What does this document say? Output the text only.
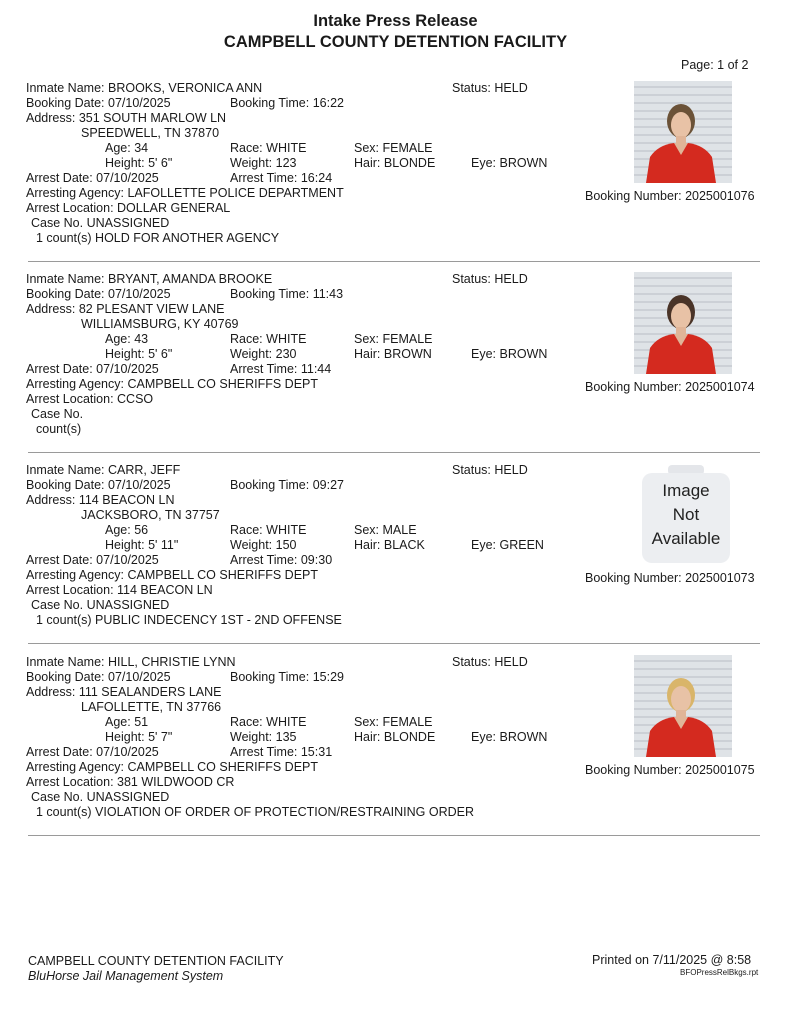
Intake Press Release
CAMPBELL COUNTY DETENTION FACILITY
Page: 1 of 2
Inmate Name: BROOKS, VERONICA ANN	Status: HELD
Booking Date: 07/10/2025	Booking Time: 16:22
Address: 351 SOUTH MARLOW LN
SPEEDWELL, TN 37870
Age: 34	Race: WHITE	Sex: FEMALE
Height: 5' 6"	Weight: 123	Hair: BLONDE	Eye: BROWN
Arrest Date: 07/10/2025	Arrest Time: 16:24
Arresting Agency: LAFOLLETTE POLICE DEPARTMENT
Arrest Location: DOLLAR GENERAL
Case No. UNASSIGNED
1 count(s) HOLD FOR ANOTHER AGENCY
Booking Number: 2025001076
Inmate Name: BRYANT, AMANDA BROOKE	Status: HELD
Booking Date: 07/10/2025	Booking Time: 11:43
Address: 82 PLESANT VIEW LANE
WILLIAMSBURG, KY 40769
Age: 43	Race: WHITE	Sex: FEMALE
Height: 5' 6"	Weight: 230	Hair: BROWN	Eye: BROWN
Arrest Date: 07/10/2025	Arrest Time: 11:44
Arresting Agency: CAMPBELL CO SHERIFFS DEPT
Arrest Location: CCSO
Case No.
count(s)
Booking Number: 2025001074
Inmate Name: CARR, JEFF	Status: HELD
Booking Date: 07/10/2025	Booking Time: 09:27
Address: 114 BEACON LN
JACKSBORO, TN 37757
Age: 56	Race: WHITE	Sex: MALE
Height: 5' 11"	Weight: 150	Hair: BLACK	Eye: GREEN
Arrest Date: 07/10/2025	Arrest Time: 09:30
Arresting Agency: CAMPBELL CO SHERIFFS DEPT
Arrest Location: 114 BEACON LN
Case No. UNASSIGNED
1 count(s) PUBLIC INDECENCY 1ST - 2ND OFFENSE
Booking Number: 2025001073
Image
Not
Available
Inmate Name: HILL, CHRISTIE LYNN	Status: HELD
Booking Date: 07/10/2025	Booking Time: 15:29
Address: 111 SEALANDERS LANE
LAFOLLETTE, TN 37766
Age: 51	Race: WHITE	Sex: FEMALE
Height: 5' 7"	Weight: 135	Hair: BLONDE	Eye: BROWN
Arrest Date: 07/10/2025	Arrest Time: 15:31
Arresting Agency: CAMPBELL CO SHERIFFS DEPT
Arrest Location: 381 WILDWOOD CR
Case No. UNASSIGNED
1 count(s) VIOLATION OF ORDER OF PROTECTION/RESTRAINING ORDER
Booking Number: 2025001075
CAMPBELL COUNTY DETENTION FACILITY
BluHorse Jail Management System
Printed on 7/11/2025 @ 8:58
BFOPressRelBkgs.rpt
